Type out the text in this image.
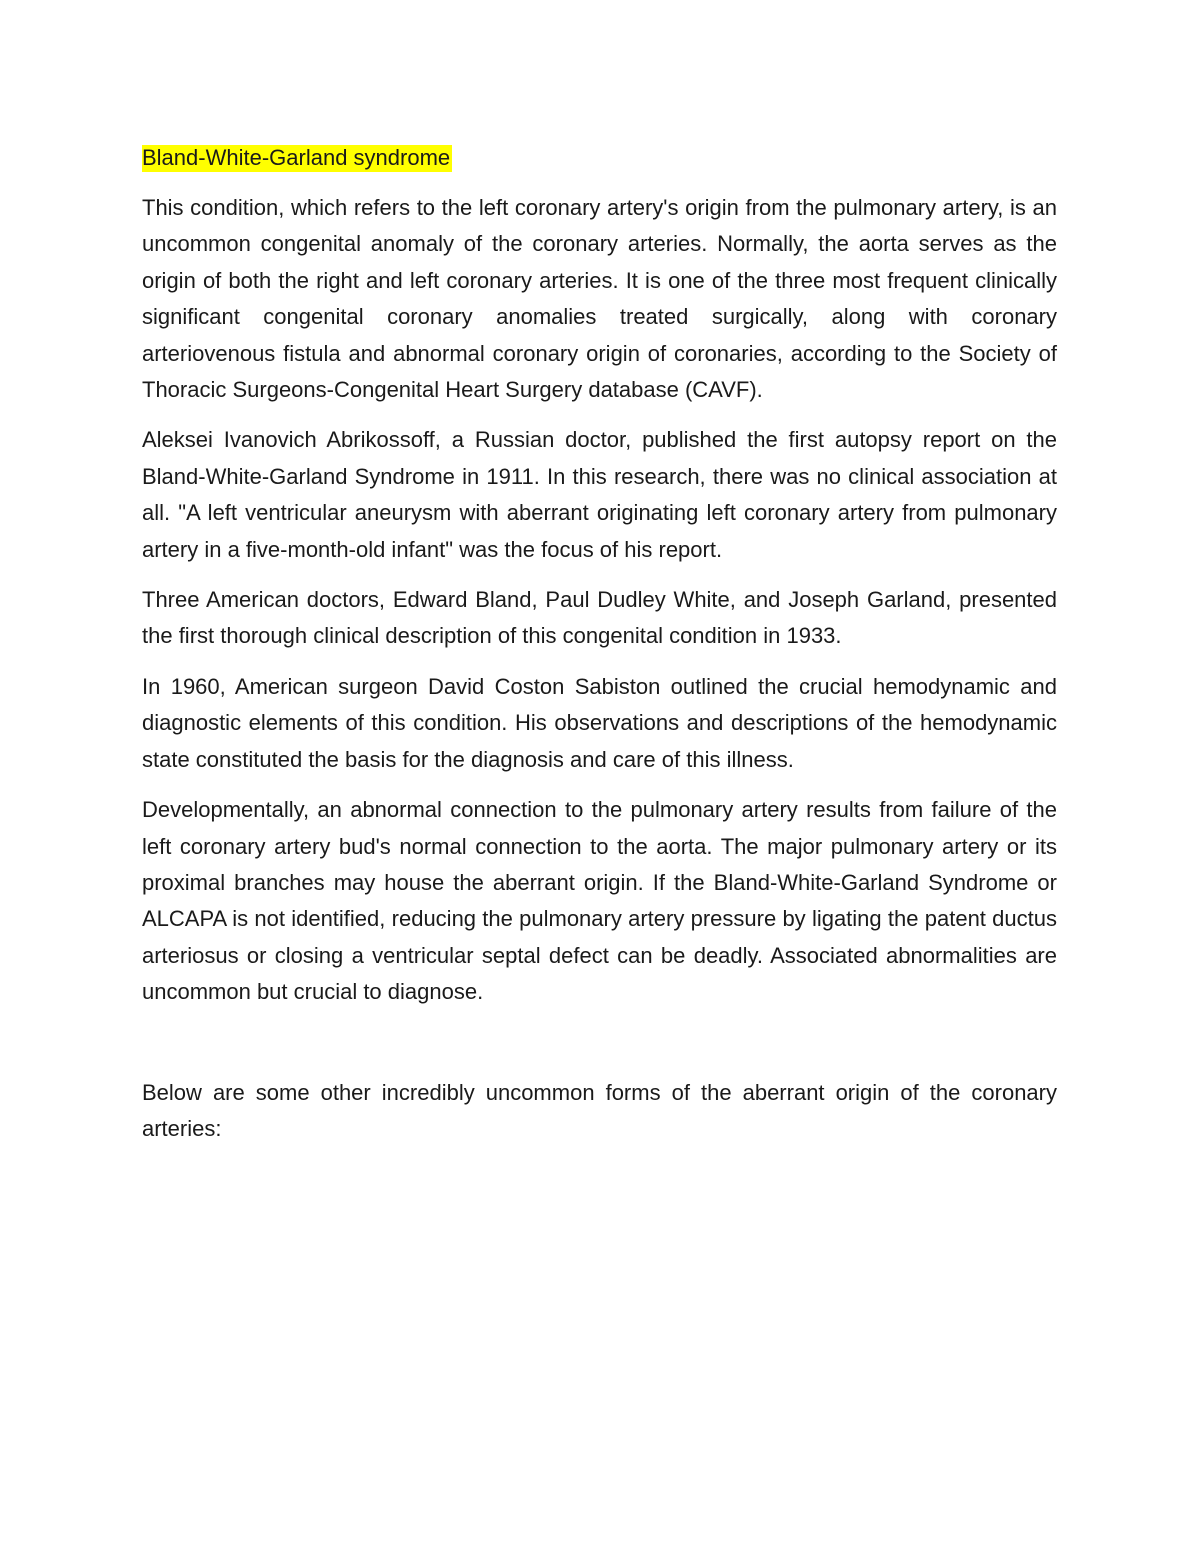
Bland-White-Garland syndrome

This condition, which refers to the left coronary artery's origin from the pulmonary artery, is an uncommon congenital anomaly of the coronary arteries. Normally, the aorta serves as the origin of both the right and left coronary arteries. It is one of the three most frequent clinically significant congenital coronary anomalies treated surgically, along with coronary arteriovenous fistula and abnormal coronary origin of coronaries, according to the Society of Thoracic Surgeons-Congenital Heart Surgery database (CAVF).

Aleksei Ivanovich Abrikossoff, a Russian doctor, published the first autopsy report on the Bland-White-Garland Syndrome in 1911. In this research, there was no clinical association at all. "A left ventricular aneurysm with aberrant originating left coronary artery from pulmonary artery in a five-month-old infant" was the focus of his report.

Three American doctors, Edward Bland, Paul Dudley White, and Joseph Garland, presented the first thorough clinical description of this congenital condition in 1933.

In 1960, American surgeon David Coston Sabiston outlined the crucial hemodynamic and diagnostic elements of this condition. His observations and descriptions of the hemodynamic state constituted the basis for the diagnosis and care of this illness.

Developmentally, an abnormal connection to the pulmonary artery results from failure of the left coronary artery bud's normal connection to the aorta. The major pulmonary artery or its proximal branches may house the aberrant origin. If the Bland-White-Garland Syndrome or ALCAPA is not identified, reducing the pulmonary artery pressure by ligating the patent ductus arteriosus or closing a ventricular septal defect can be deadly. Associated abnormalities are uncommon but crucial to diagnose.

Below are some other incredibly uncommon forms of the aberrant origin of the coronary arteries:
